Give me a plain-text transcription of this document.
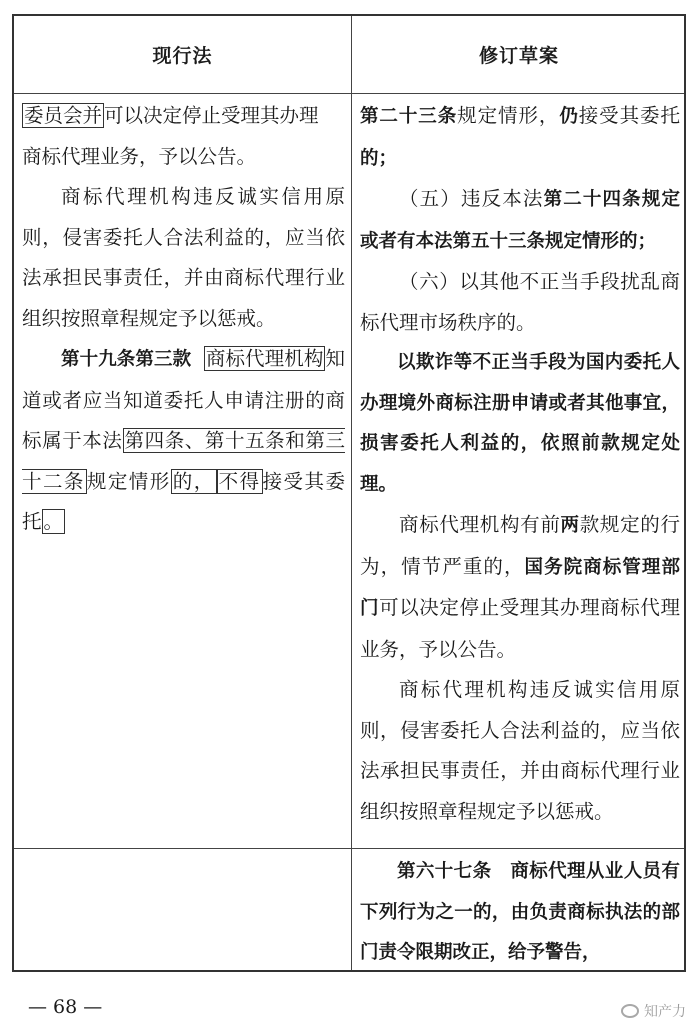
现行法	修订草案

委员会并 可以决定停止受理其办理
商标代理业务，予以公告。

商标代理机构违反诚实信用原则，侵害委托人合法利益的，应当依法承担民事责任，并由商标代理行业组织按照章程规定予以惩戒。

第十九条第三款 商标代理机构 知道或者应当知道委托人申请注册的商标属于本法 第四条、第十五条和第三十二条 规定情形 的， 不得 接受其委托 。

第二十三条规定情形，仍接受其委托的；

（五）违反本法第二十四条规定或者有本法第五十三条规定情形的；

（六）以其他不正当手段扰乱商标代理市场秩序的。

以欺诈等不正当手段为国内委托人办理境外商标注册申请或者其他事宜，损害委托人利益的，依照前款规定处理。

商标代理机构有前两款规定的行为，情节严重的，国务院商标管理部门可以决定停止受理其办理商标代理业务，予以公告。

商标代理机构违反诚实信用原则，侵害委托人合法利益的，应当依法承担民事责任，并由商标代理行业组织按照章程规定予以惩戒。

第六十七条　商标代理从业人员有下列行为之一的，由负责商标执法的部门责令限期改正，给予警告，

— 68 —	知产力
